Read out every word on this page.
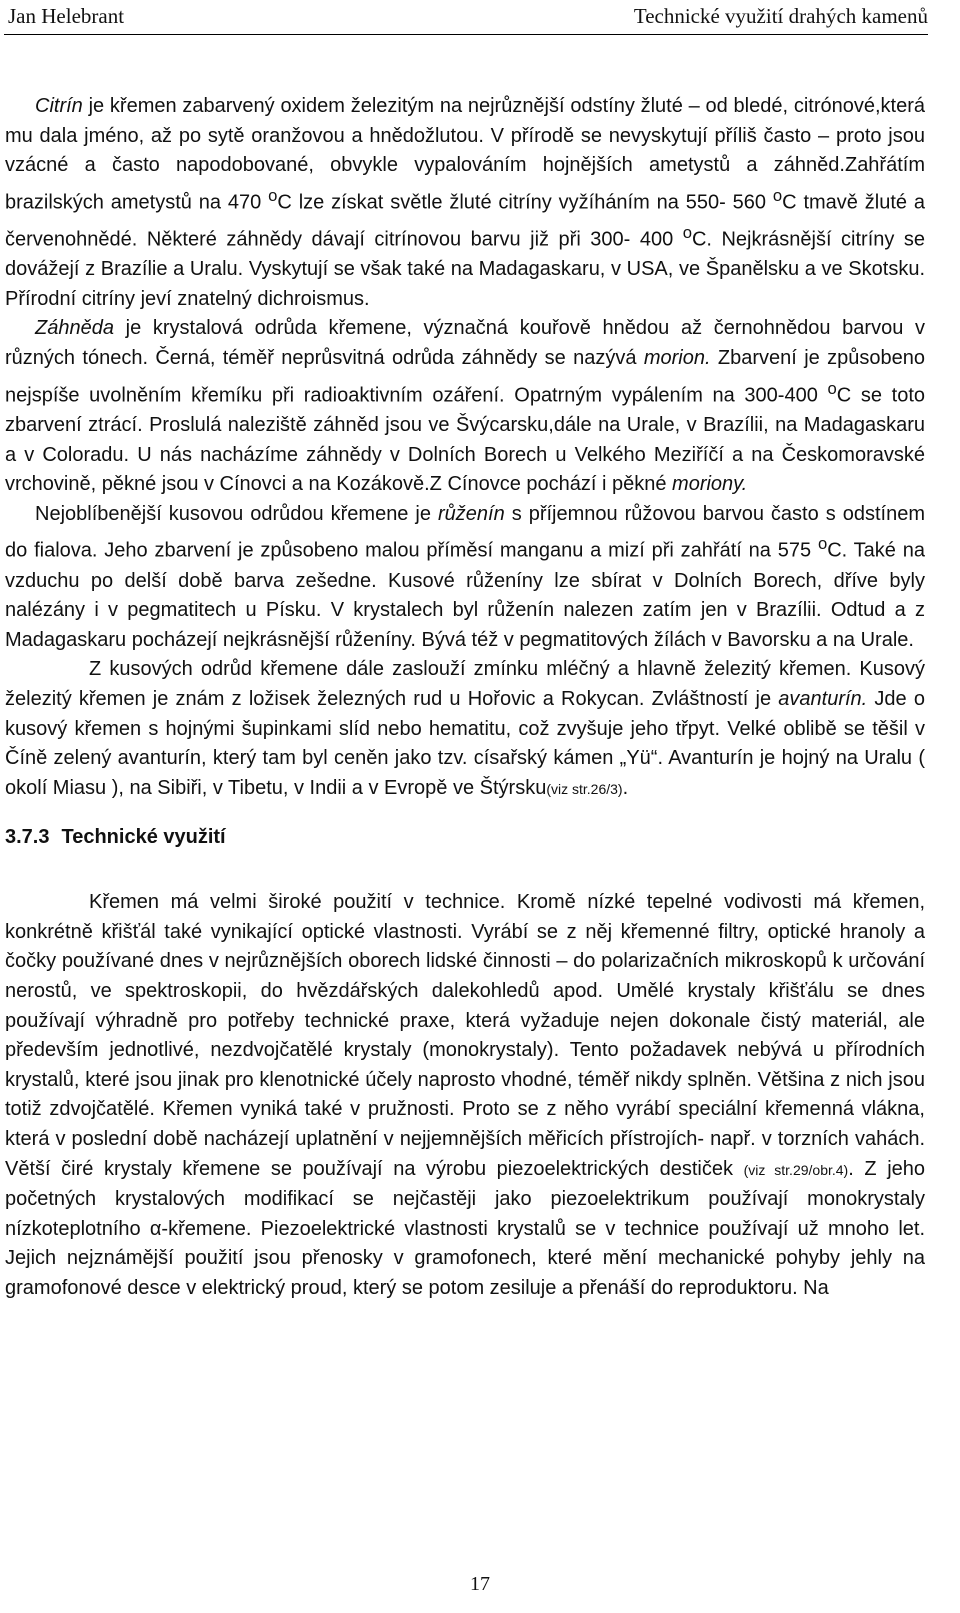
Jan Helebrant	Technické využití drahých kamenů

Citrín je křemen zabarvený oxidem železitým na nejrůznější odstíny žluté – od bledé, citrónové,která mu dala jméno, až po sytě oranžovou a hnědožlutou. V přírodě se nevyskytují příliš často – proto jsou vzácné a často napodobované, obvykle vypalováním hojnějších ametystů a záhněd.Zahřátím brazilských ametystů na 470 $^o$C lze získat světle žluté citríny vyžíháním na 550- 560 $^o$C tmavě žluté a červenohnědé. Některé záhnědy dávají citrínovou barvu již při 300- 400 $^o$C. Nejkrásnější citríny se dovážejí z Brazílie a Uralu. Vyskytují se však také na Madagaskaru, v USA, ve Španělsku a ve Skotsku. Přírodní citríny jeví znatelný dichroismus.

Záhněda je krystalová odrůda křemene, význačná kouřově hnědou až černohnědou barvou v různých tónech. Černá, téměř neprůsvitná odrůda záhnědy se nazývá morion. Zbarvení je způsobeno nejspíše uvolněním křemíku při radioaktivním ozáření. Opatrným vypálením na 300-400 $^o$C se toto zbarvení ztrácí. Proslulá naleziště záhněd jsou ve Švýcarsku,dále na Urale, v Brazílii, na Madagaskaru a v Coloradu. U nás nacházíme záhnědy v Dolních Borech u Velkého Meziříčí a na Českomoravské vrchovině, pěkné jsou v Cínovci a na Kozákově.Z Cínovce pochází i pěkné moriony.

Nejoblíbenější kusovou odrůdou křemene je růženín s příjemnou růžovou barvou často s odstínem do fialova. Jeho zbarvení je způsobeno malou příměsí manganu a mizí při zahřátí na 575 $^o$C. Také na vzduchu po delší době barva zešedne. Kusové růženíny lze sbírat v Dolních Borech, dříve byly nalézány i v pegmatitech u Písku. V krystalech byl růženín nalezen zatím jen v Brazílii. Odtud a z Madagaskaru pocházejí nejkrásnější růženíny. Bývá též v pegmatitových žílách v Bavorsku a na Urale.

Z kusových odrůd křemene dále zaslouží zmínku mléčný a hlavně železitý křemen. Kusový železitý křemen je znám z ložisek železných rud u Hořovic a Rokycan. Zvláštností je avanturín. Jde o kusový křemen s hojnými šupinkami slíd nebo hematitu, což zvyšuje jeho třpyt. Velké oblibě se těšil v Číně zelený avanturín, který tam byl ceněn jako tzv. císařský kámen „Yü“. Avanturín je hojný na Uralu ( okolí Miasu ), na Sibiři, v Tibetu, v Indii a v Evropě ve Štýrsku(viz str.26/3).

3.7.3 Technické využití

Křemen má velmi široké použití v technice. Kromě nízké tepelné vodivosti má křemen, konkrétně křišťál také vynikající optické vlastnosti. Vyrábí se z něj křemenné filtry, optické hranoly a čočky používané dnes v nejrůznějších oborech lidské činnosti – do polarizačních mikroskopů k určování nerostů, ve spektroskopii, do hvězdářských dalekohledů apod. Umělé krystaly křišťálu se dnes používají výhradně pro potřeby technické praxe, která vyžaduje nejen dokonale čistý materiál, ale především jednotlivé, nezdvojčatělé krystaly (monokrystaly). Tento požadavek nebývá u přírodních krystalů, které jsou jinak pro klenotnické účely naprosto vhodné, téměř nikdy splněn. Většina z nich jsou totiž zdvojčatělé. Křemen vyniká také v pružnosti. Proto se z něho vyrábí speciální křemenná vlákna, která v poslední době nacházejí uplatnění v nejjemnějších měřicích přístrojích- např. v torzních vahách. Větší čiré krystaly křemene se používají na výrobu piezoelektrických destiček (viz str.29/obr.4). Z jeho početných krystalových modifikací se nejčastěji jako piezoelektrikum používají monokrystaly nízkoteplotního α-křemene. Piezoelektrické vlastnosti krystalů se v technice používají už mnoho let. Jejich nejznámější použití jsou přenosky v gramofonech, které mění mechanické pohyby jehly na gramofonové desce v elektrický proud, který se potom zesiluje a přenáší do reproduktoru. Na

17
